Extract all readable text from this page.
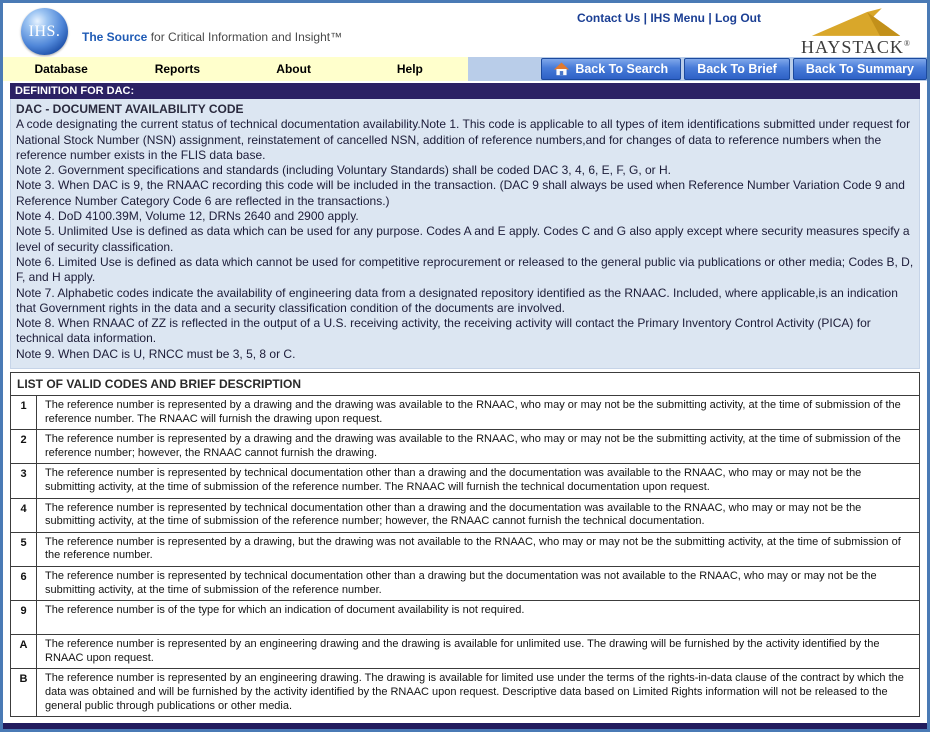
IHS. The Source for Critical Information and Insight™
Contact Us | IHS Menu | Log Out
HAYSTACK®
Database	Reports	About	Help	Back To Search Back To Brief Back To Summary
DEFINITION FOR DAC:
DAC - DOCUMENT AVAILABILITY CODE
A code designating the current status of technical documentation availability.Note 1. This code is applicable to all types of item identifications submitted under request for National Stock Number (NSN) assignment, reinstatement of cancelled NSN, addition of reference numbers,and for changes of data to reference numbers when the reference number exists in the FLIS data base.
Note 2. Government specifications and standards (including Voluntary Standards) shall be coded DAC 3, 4, 6, E, F, G, or H.
Note 3. When DAC is 9, the RNAAC recording this code will be included in the transaction. (DAC 9 shall always be used when Reference Number Variation Code 9 and Reference Number Category Code 6 are reflected in the transactions.)
Note 4. DoD 4100.39M, Volume 12, DRNs 2640 and 2900 apply.
Note 5. Unlimited Use is defined as data which can be used for any purpose. Codes A and E apply. Codes C and G also apply except where security measures specify a level of security classification.
Note 6. Limited Use is defined as data which cannot be used for competitive reprocurement or released to the general public via publications or other media; Codes B, D, F, and H apply.
Note 7. Alphabetic codes indicate the availability of engineering data from a designated repository identified as the RNAAC. Included, where applicable,is an indication that Government rights in the data and a security classification condition of the documents are involved.
Note 8. When RNAAC of ZZ is reflected in the output of a U.S. receiving activity, the receiving activity will contact the Primary Inventory Control Activity (PICA) for technical data information.
Note 9. When DAC is U, RNCC must be 3, 5, 8 or C.
LIST OF VALID CODES AND BRIEF DESCRIPTION	
1	The reference number is represented by a drawing and the drawing was available to the RNAAC, who may or may not be the submitting activity, at the time of submission of the reference number. The RNAAC will furnish the drawing upon request.
2	The reference number is represented by a drawing and the drawing was available to the RNAAC, who may or may not be the submitting activity, at the time of submission of the reference number; however, the RNAAC cannot furnish the drawing.
3	The reference number is represented by technical documentation other than a drawing and the documentation was available to the RNAAC, who may or may not be the submitting activity, at the time of submission of the reference number. The RNAAC will furnish the technical documentation upon request.
4	The reference number is represented by technical documentation other than a drawing and the documentation was available to the RNAAC, who may or may not be the submitting activity, at the time of submission of the reference number; however, the RNAAC cannot furnish the technical documentation.
5	The reference number is represented by a drawing, but the drawing was not available to the RNAAC, who may or may not be the submitting activity, at the time of submission of the reference number.
6	The reference number is represented by technical documentation other than a drawing but the documentation was not available to the RNAAC, who may or may not be the submitting activity, at the time of submission of the reference number.
9	The reference number is of the type for which an indication of document availability is not required.
A	The reference number is represented by an engineering drawing and the drawing is available for unlimited use. The drawing will be furnished by the activity identified by the RNAAC upon request.
B	The reference number is represented by an engineering drawing. The drawing is available for limited use under the terms of the rights-in-data clause of the contract by which the data was obtained and will be furnished by the activity identified by the RNAAC upon request. Descriptive data based on Limited Rights information will not be released to the general public through publications or other media.
